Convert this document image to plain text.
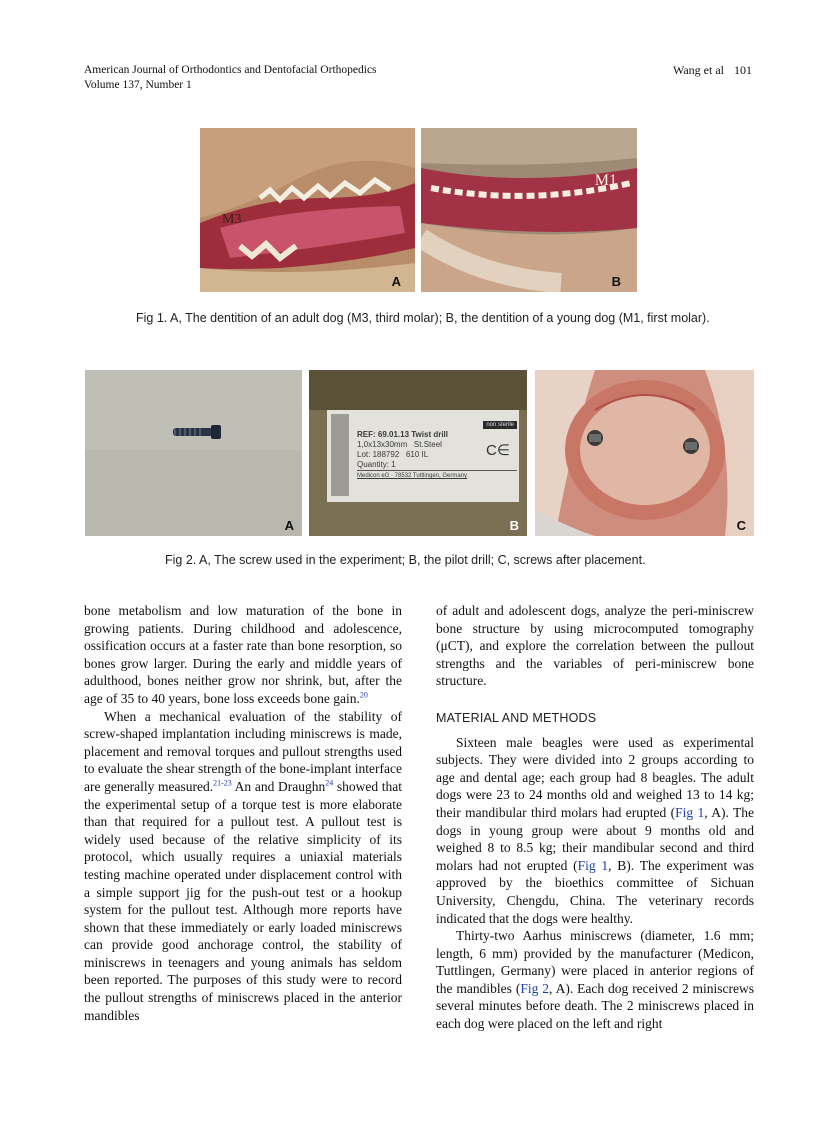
American Journal of Orthodontics and Dentofacial Orthopedics
Volume 137, Number 1
Wang et al 101
A
M3
B
M1
Fig 1. A, The dentition of an adult dog (M3, third molar); B, the dentition of a young dog (M1, first molar).
A
non sterile
REF: 69.01.13 Twist drill
1,0x13x30mm St.Steel
Lot: 188792 610 IL
Quantity: 1
Medicon eG · 78532 Tuttlingen, Germany
C∈
B	C
Fig 2. A, The screw used in the experiment; B, the pilot drill; C, screws after placement.

bone metabolism and low maturation of the bone in growing patients. During childhood and adolescence, ossification occurs at a faster rate than bone resorption, so bones grow larger. During the early and middle years of adulthood, bones neither grow nor shrink, but, after the age of 35 to 40 years, bone loss exceeds bone gain.$^{20}$

When a mechanical evaluation of the stability of screw-shaped implantation including miniscrews is made, placement and removal torques and pullout strengths used to evaluate the shear strength of the bone-implant interface are generally measured.$^{21-23}$ An and Draughn$^{24}$ showed that the experimental setup of a torque test is more elaborate than that required for a pullout test. A pullout test is widely used because of the relative simplicity of its protocol, which usually requires a uniaxial materials testing machine operated under displacement control with a simple support jig for the push-out test or a hookup system for the pullout test. Although more reports have shown that these immediately or early loaded miniscrews can provide good anchorage control, the stability of miniscrews in teenagers and young animals has seldom been reported. The purposes of this study were to record the pullout strengths of miniscrews placed in the anterior mandibles

of adult and adolescent dogs, analyze the peri-miniscrew bone structure by using microcomputed tomography (μCT), and explore the correlation between the pullout strengths and the variables of peri-miniscrew bone structure.

MATERIAL AND METHODS

Sixteen male beagles were used as experimental subjects. They were divided into 2 groups according to age and dental age; each group had 8 beagles. The adult dogs were 23 to 24 months old and weighed 13 to 14 kg; their mandibular third molars had erupted (Fig 1, A). The dogs in young group were about 9 months old and weighed 8 to 8.5 kg; their mandibular second and third molars had not erupted (Fig 1, B). The experiment was approved by the bioethics committee of Sichuan University, Chengdu, China. The veterinary records indicated that the dogs were healthy.

Thirty-two Aarhus miniscrews (diameter, 1.6 mm; length, 6 mm) provided by the manufacturer (Medicon, Tuttlingen, Germany) were placed in anterior regions of the mandibles (Fig 2, A). Each dog received 2 miniscrews several minutes before death. The 2 miniscrews placed in each dog were placed on the left and right
